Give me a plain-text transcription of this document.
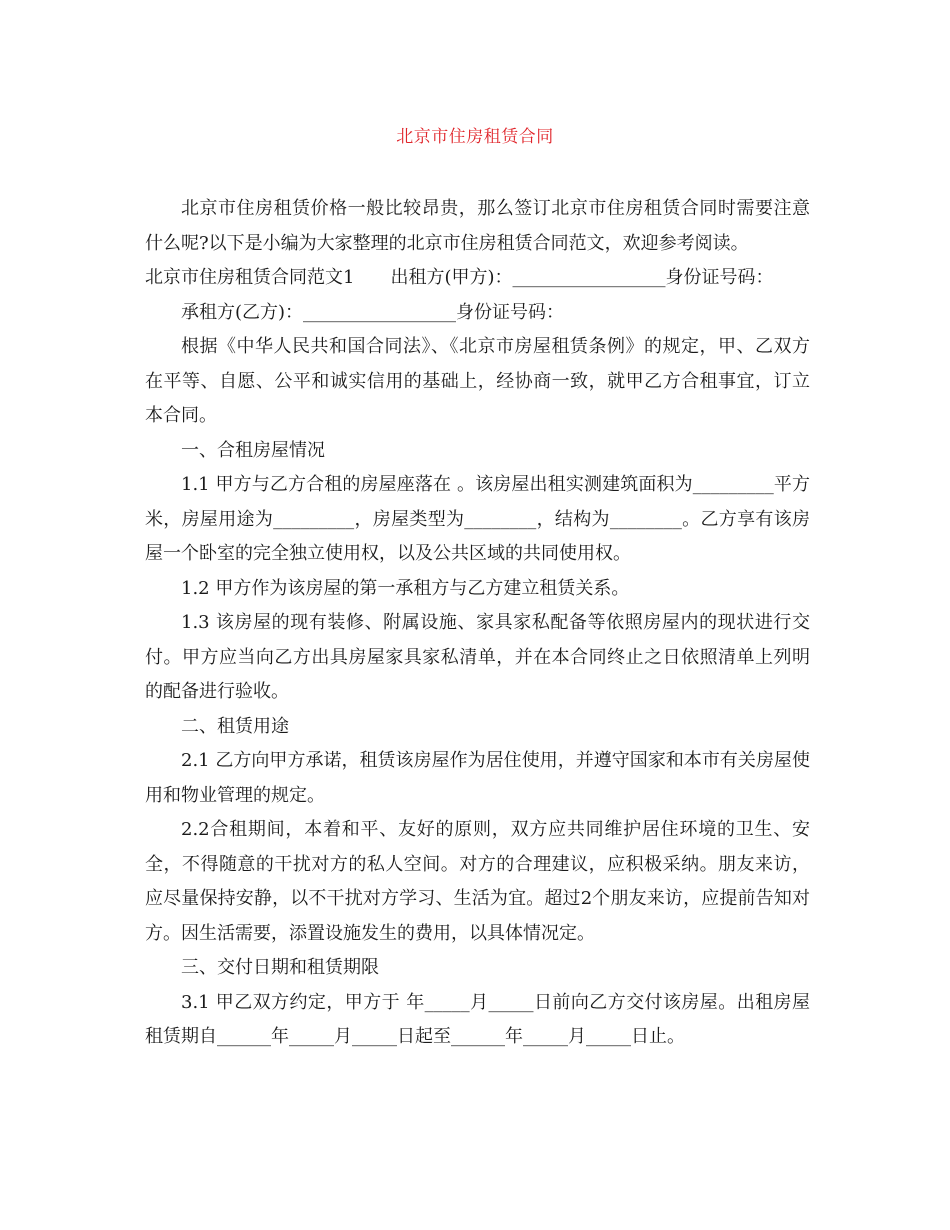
北京市住房租赁合同

北京市住房租赁价格一般比较昂贵，那么签订北京市住房租赁合同时需要注意什么呢?以下是小编为大家整理的北京市住房租赁合同范文，欢迎参考阅读。

北京市住房租赁合同范文1　　出租方(甲方)：_________________身份证号码：

承租方(乙方)：_________________身份证号码：

根据《中华人民共和国合同法》、《北京市房屋租赁条例》的规定，甲、乙双方在平等、自愿、公平和诚实信用的基础上，经协商一致，就甲乙方合租事宜，订立本合同。

一、合租房屋情况

1.1 甲方与乙方合租的房屋座落在 。该房屋出租实测建筑面积为_________平方米，房屋用途为_________，房屋类型为________，结构为________。乙方享有该房屋一个卧室的完全独立使用权，以及公共区域的共同使用权。

1.2 甲方作为该房屋的第一承租方与乙方建立租赁关系。

1.3 该房屋的现有装修、附属设施、家具家私配备等依照房屋内的现状进行交付。甲方应当向乙方出具房屋家具家私清单，并在本合同终止之日依照清单上列明的配备进行验收。

二、租赁用途

2.1 乙方向甲方承诺，租赁该房屋作为居住使用，并遵守国家和本市有关房屋使用和物业管理的规定。

2.2合租期间，本着和平、友好的原则，双方应共同维护居住环境的卫生、安全，不得随意的干扰对方的私人空间。对方的合理建议，应积极采纳。朋友来访，应尽量保持安静，以不干扰对方学习、生活为宜。超过2个朋友来访，应提前告知对方。因生活需要，添置设施发生的费用，以具体情况定。

三、交付日期和租赁期限

3.1 甲乙双方约定，甲方于 年_____月_____日前向乙方交付该房屋。出租房屋租赁期自______年_____月_____日起至______年_____月_____日止。
